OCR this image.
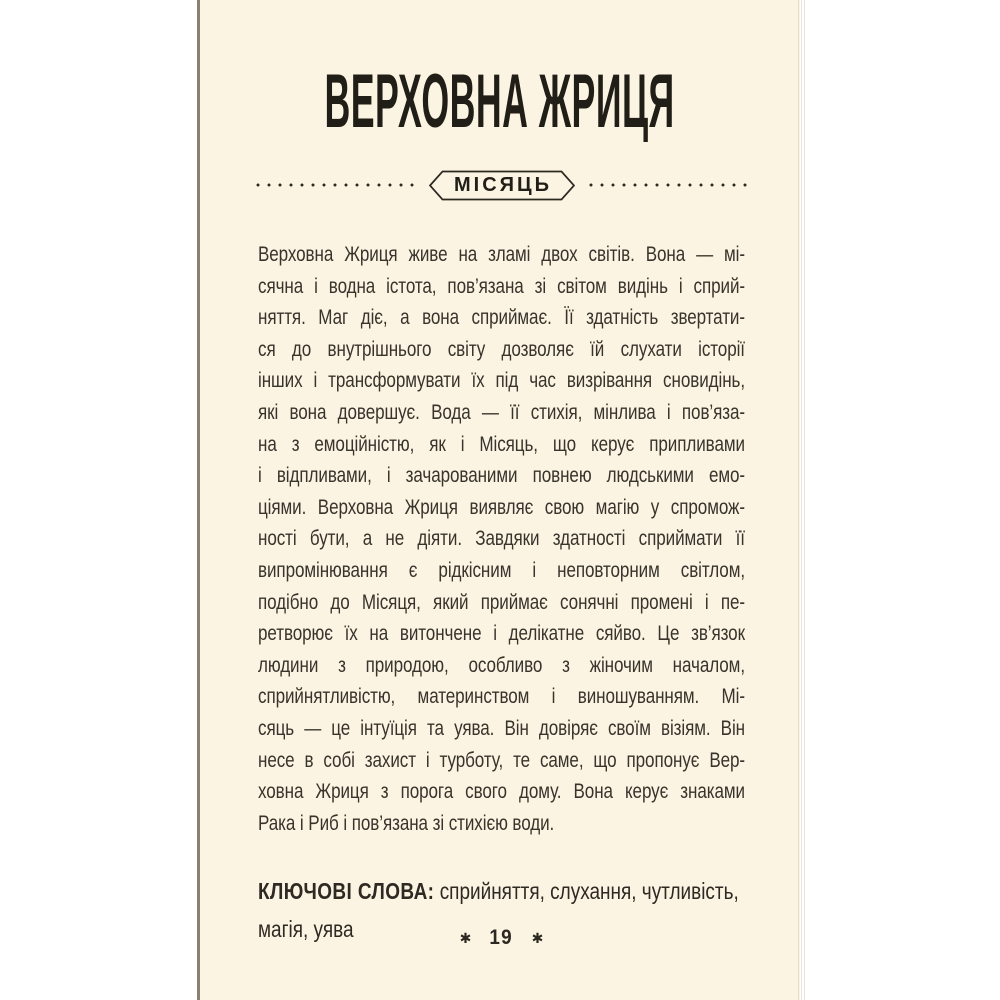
ВЕРХОВНА ЖРИЦЯ
МІСЯЦЬ
Верховна Жриця живе на зламі двох світів. Вона — мі-
сячна і водна істота, пов’язана зі світом видінь і сприй-
няття. Маг діє, а вона сприймає. Її здатність звертати-
ся до внутрішнього світу дозволяє їй слухати історії
інших і трансформувати їх під час визрівання сновидінь,
які вона довершує. Вода — її стихія, мінлива і пов’яза-
на з емоційністю, як і Місяць, що керує припливами
і відпливами, і зачарованими повнею людськими емо-
ціями. Верховна Жриця виявляє свою магію у спромож-
ності бути, а не діяти. Завдяки здатності сприймати її
випромінювання є рідкісним і неповторним світлом,
подібно до Місяця, який приймає сонячні промені і пе-
ретворює їх на витончене і делікатне сяйво. Це зв’язок
людини з природою, особливо з жіночим началом,
сприйнятливістю, материнством і виношуванням. Мі-
сяць — це інтуїція та уява. Він довіряє своїм візіям. Він
несе в собі захист і турботу, те саме, що пропонує Вер-
ховна Жриця з порога свого дому. Вона керує знаками
Рака і Риб і пов’язана зі стихією води.

КЛЮЧОВІ СЛОВА: сприйняття, слухання, чутливість, магія, уява	✱ 19 ✱
